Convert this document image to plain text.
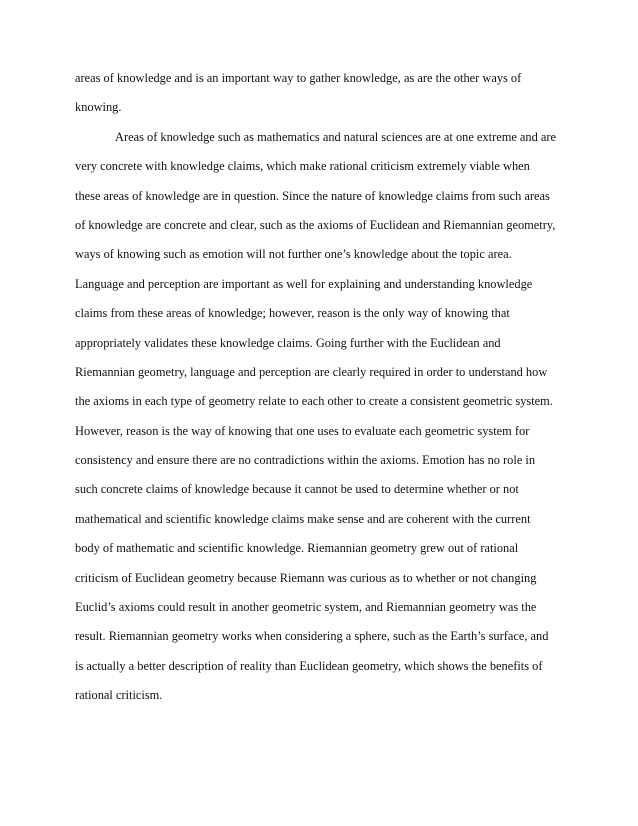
areas of knowledge and is an important way to gather knowledge, as are the other ways of
knowing.
Areas of knowledge such as mathematics and natural sciences are at one extreme and are
very concrete with knowledge claims, which make rational criticism extremely viable when
these areas of knowledge are in question. Since the nature of knowledge claims from such areas
of knowledge are concrete and clear, such as the axioms of Euclidean and Riemannian geometry,
ways of knowing such as emotion will not further one’s knowledge about the topic area.
Language and perception are important as well for explaining and understanding knowledge
claims from these areas of knowledge; however, reason is the only way of knowing that
appropriately validates these knowledge claims. Going further with the Euclidean and
Riemannian geometry, language and perception are clearly required in order to understand how
the axioms in each type of geometry relate to each other to create a consistent geometric system.
However, reason is the way of knowing that one uses to evaluate each geometric system for
consistency and ensure there are no contradictions within the axioms. Emotion has no role in
such concrete claims of knowledge because it cannot be used to determine whether or not
mathematical and scientific knowledge claims make sense and are coherent with the current
body of mathematic and scientific knowledge. Riemannian geometry grew out of rational
criticism of Euclidean geometry because Riemann was curious as to whether or not changing
Euclid’s axioms could result in another geometric system, and Riemannian geometry was the
result. Riemannian geometry works when considering a sphere, such as the Earth’s surface, and
is actually a better description of reality than Euclidean geometry, which shows the benefits of
rational criticism.
